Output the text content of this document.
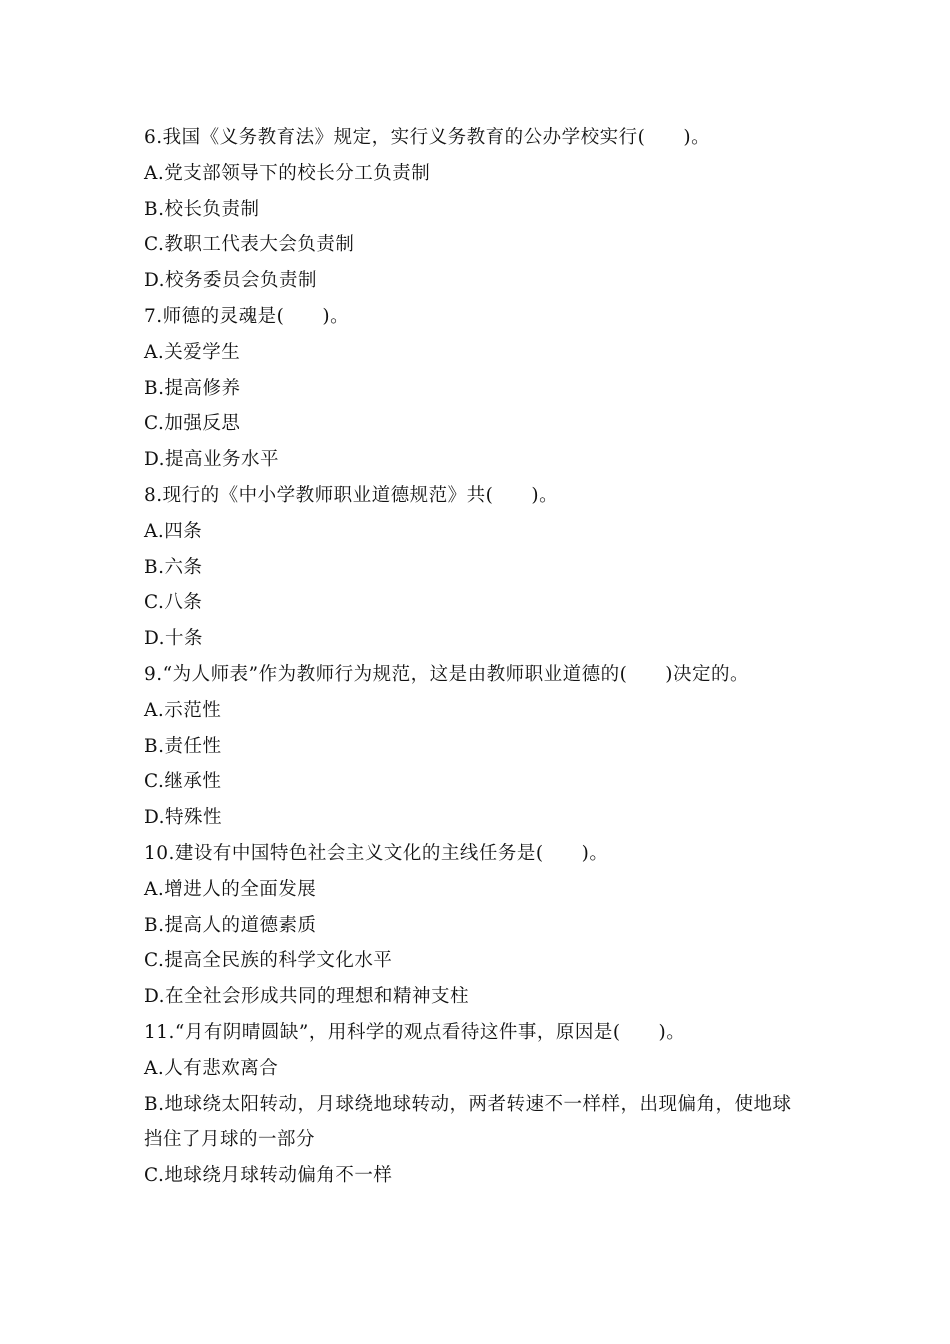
6.我国《义务教育法》规定，实行义务教育的公办学校实行(　　)。
A.党支部领导下的校长分工负责制
B.校长负责制
C.教职工代表大会负责制
D.校务委员会负责制
7.师德的灵魂是(　　)。
A.关爱学生
B.提高修养
C.加强反思
D.提高业务水平
8.现行的《中小学教师职业道德规范》共(　　)。
A.四条
B.六条
C.八条
D.十条
9.“为人师表”作为教师行为规范，这是由教师职业道德的(　　)决定的。
A.示范性
B.责任性
C.继承性
D.特殊性
10.建设有中国特色社会主义文化的主线任务是(　　)。
A.增进人的全面发展
B.提高人的道德素质
C.提高全民族的科学文化水平
D.在全社会形成共同的理想和精神支柱
11.“月有阴晴圆缺”，用科学的观点看待这件事，原因是(　　)。
A.人有悲欢离合
B.地球绕太阳转动，月球绕地球转动，两者转速不一样样，出现偏角，使地球
挡住了月球的一部分
C.地球绕月球转动偏角不一样
